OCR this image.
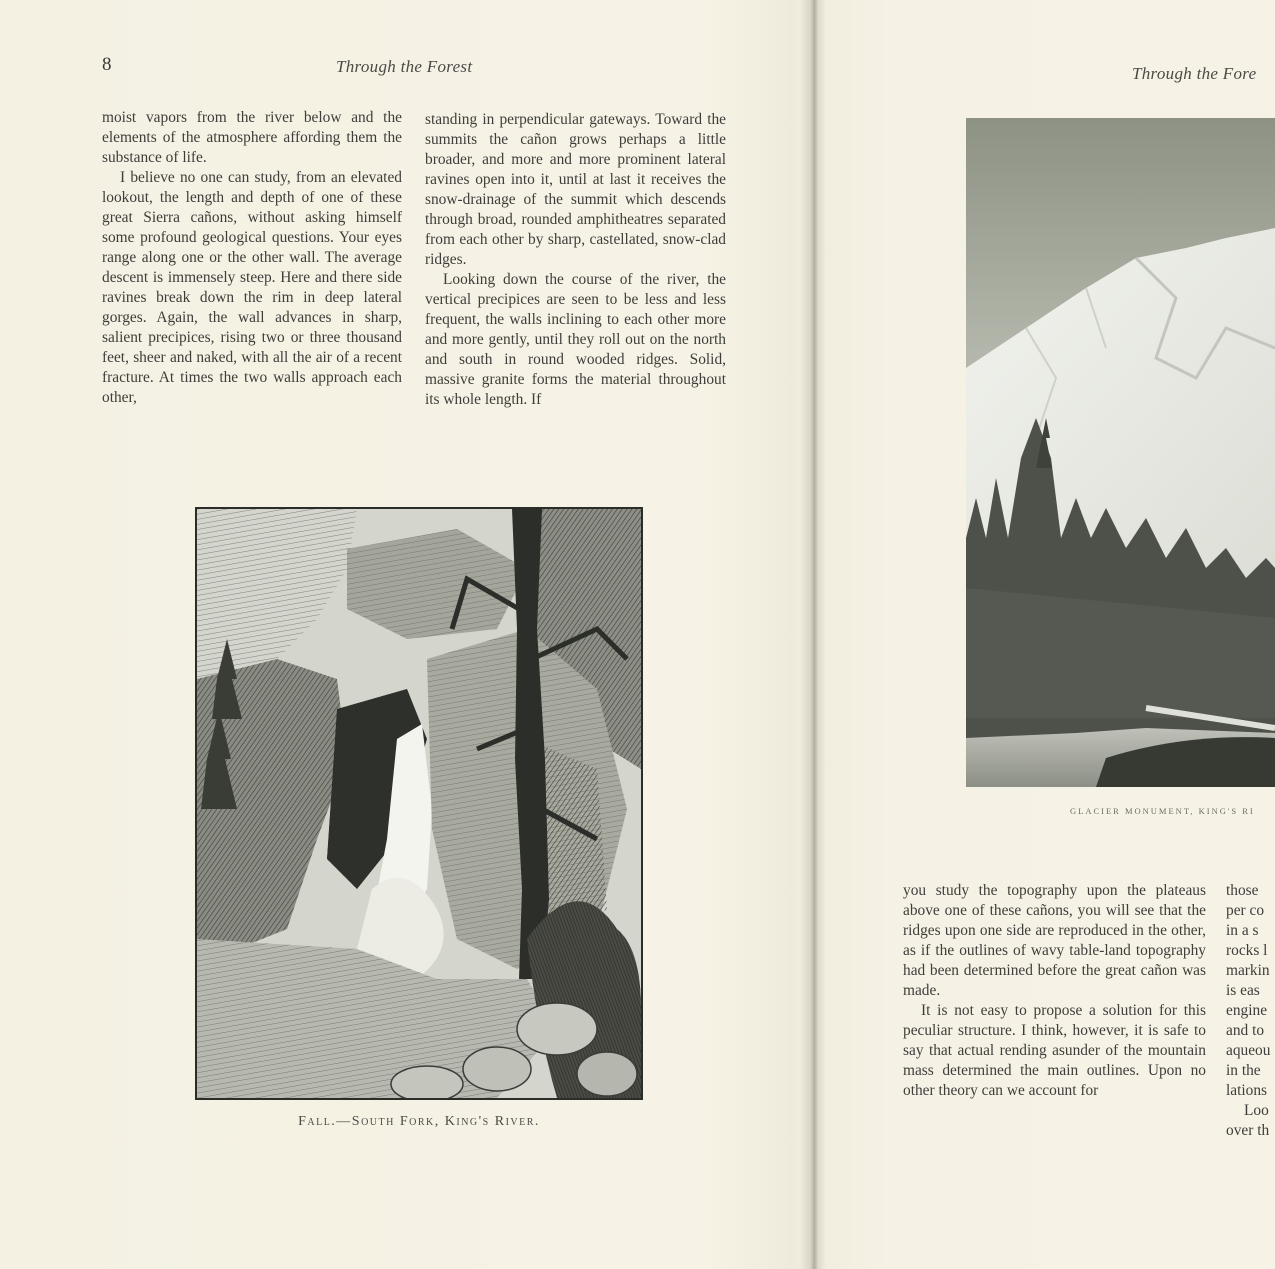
8	Through the Forest

moist vapors from the river below and the elements of the atmosphere affording them the substance of life.

I believe no one can study, from an elevated lookout, the length and depth of one of these great Sierra cañons, without asking himself some profound geological questions. Your eyes range along one or the other wall. The average descent is immensely steep. Here and there side ravines break down the rim in deep lateral gorges. Again, the wall advances in sharp, salient precipices, rising two or three thousand feet, sheer and naked, with all the air of a recent fracture. At times the two walls approach each other,

standing in perpendicular gateways. Toward the summits the cañon grows perhaps a little broader, and more and more prominent lateral ravines open into it, until at last it receives the snow-drainage of the summit which descends through broad, rounded amphitheatres separated from each other by sharp, castellated, snow-clad ridges.

Looking down the course of the river, the vertical precipices are seen to be less and less frequent, the walls inclining to each other more and more gently, until they roll out on the north and south in round wooded ridges. Solid, massive granite forms the material throughout its whole length. If

Fall.—South Fork, King's River.
Through the Fore
GLACIER MONUMENT, KING'S RI

you study the topography upon the plateaus above one of these cañons, you will see that the ridges upon one side are reproduced in the other, as if the outlines of wavy table-land topography had been determined before the great cañon was made.

It is not easy to propose a solution for this peculiar structure. I think, however, it is safe to say that actual rending asunder of the mountain mass determined the main outlines. Upon no other theory can we account for

those
per co
in a s
rocks l
markin
is eas
engine
and to
aqueou
in the
lations
Loo
over th
